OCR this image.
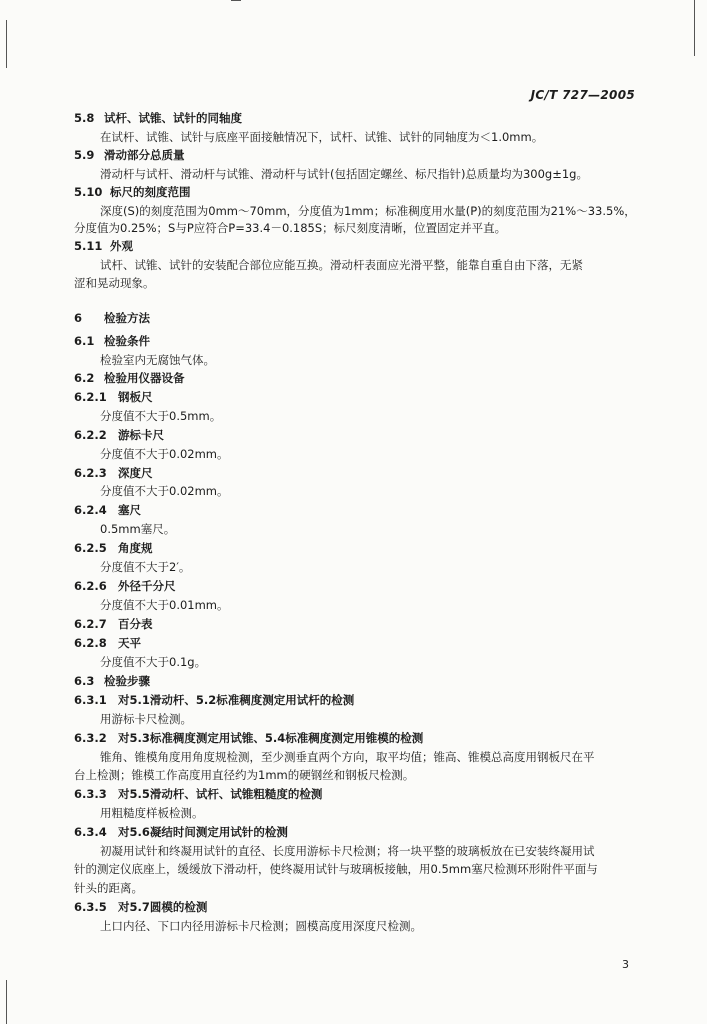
JC/T 727—2005
5.8 试杆、试锥、试针的同轴度
在试杆、试锥、试针与底座平面接触情况下，试杆、试锥、试针的同轴度为＜1.0mm。
5.9 滑动部分总质量
滑动杆与试杆、滑动杆与试锥、滑动杆与试针(包括固定螺丝、标尺指针)总质量均为300g±1g。
5.10 标尺的刻度范围
深度(S)的刻度范围为0mm～70mm，分度值为1mm；标准稠度用水量(P)的刻度范围为21%～33.5%，
分度值为0.25%；S与P应符合P=33.4－0.185S；标尺刻度清晰，位置固定并平直。
5.11 外观
试杆、试锥、试针的安装配合部位应能互换。滑动杆表面应光滑平整，能靠自重自由下落，无紧
涩和晃动现象。
6 检验方法
6.1 检验条件
检验室内无腐蚀气体。
6.2 检验用仪器设备
6.2.1 钢板尺
分度值不大于0.5mm。
6.2.2 游标卡尺
分度值不大于0.02mm。
6.2.3 深度尺
分度值不大于0.02mm。
6.2.4 塞尺
0.5mm塞尺。
6.2.5 角度规
分度值不大于2′。
6.2.6 外径千分尺
分度值不大于0.01mm。
6.2.7 百分表
6.2.8 天平
分度值不大于0.1g。
6.3 检验步骤
6.3.1 对5.1滑动杆、5.2标准稠度测定用试杆的检测
用游标卡尺检测。
6.3.2 对5.3标准稠度测定用试锥、5.4标准稠度测定用锥模的检测
锥角、锥模角度用角度规检测，至少测垂直两个方向，取平均值；锥高、锥模总高度用钢板尺在平
台上检测；锥模工作高度用直径约为1mm的硬钢丝和钢板尺检测。
6.3.3 对5.5滑动杆、试杆、试锥粗糙度的检测
用粗糙度样板检测。
6.3.4 对5.6凝结时间测定用试针的检测
初凝用试针和终凝用试针的直径、长度用游标卡尺检测；将一块平整的玻璃板放在已安装终凝用试
针的测定仪底座上，缓缓放下滑动杆，使终凝用试针与玻璃板接触，用0.5mm塞尺检测环形附件平面与
针头的距离。
6.3.5 对5.7圆模的检测
上口内径、下口内径用游标卡尺检测；圆模高度用深度尺检测。
3
